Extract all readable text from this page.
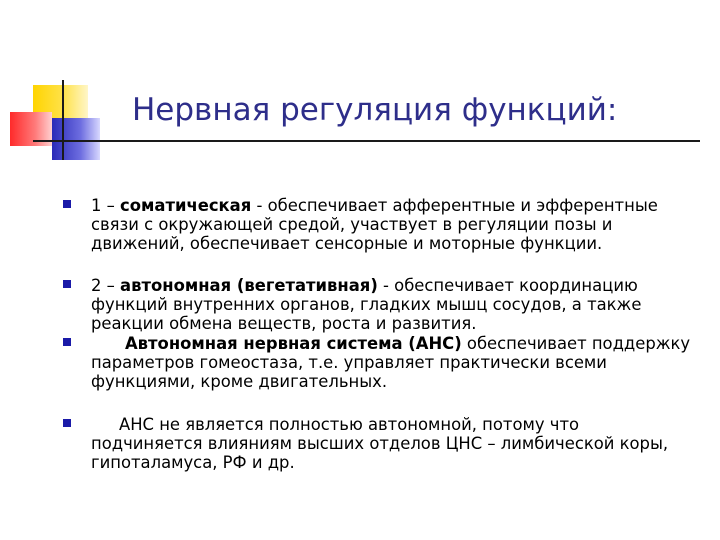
Нервная регуляция функций:

1 – соматическая - обеспечивает афферентные и эфферентные связи с окружающей средой, участвует в регуляции позы и движений, обеспечивает сенсорные и моторные функции.

2 – автономная (вегетативная) - обеспечивает координацию функций внутренних органов, гладких мышц сосудов, а также реакции обмена веществ, роста и развития.

Автономная нервная система (АНС) обеспечивает поддержку параметров гомеостаза, т.е. управляет практически всеми функциями, кроме двигательных.

АНС не является полностью автономной, потому что подчиняется влияниям высших отделов ЦНС – лимбической коры, гипоталамуса, РФ и др.
